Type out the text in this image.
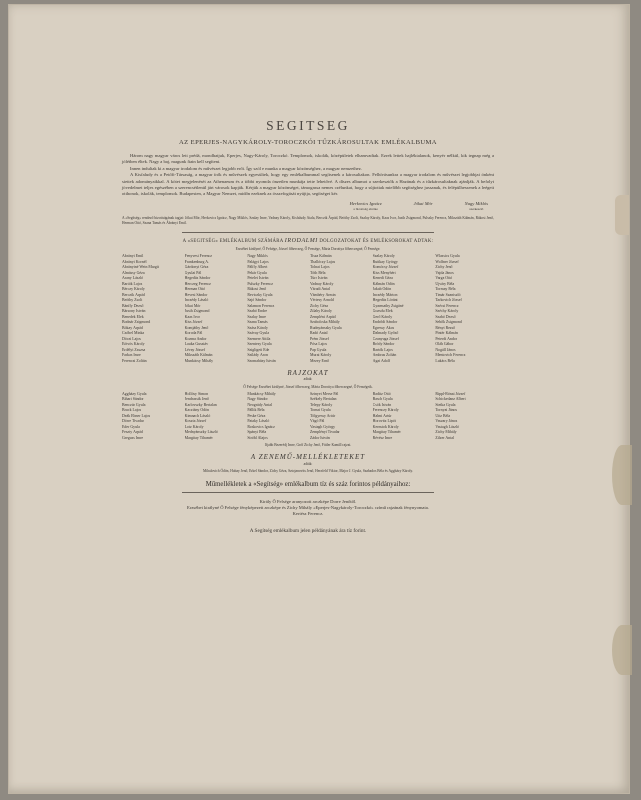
SEGITSEG
AZ EPERJES-NAGYKÁROLY-TOROCZKÓI TŰZKÁROSULTAK EMLÉKALBUMA

Három nagy magyar város lett prédá, mondhatjuk, Eperjes, Nagy-Károly, Toroczkó. Templomok, iskolák, középületek elhamvadtak. Ezrek lettek hajléktalanok, kenyér nélkül, kik tegnap még a jólétben éltek. Nagy a baj, magunk fiain kell segíteni.

Innen indultak ki a magyar irodalom és művészet legjobb erői. Így szól e munka a magyar közönséghez, a magyar nemzethez.

A Kisfaludy és a Petőfi-Társaság, a magyar írók és művészek egyesültek, hogy egy emlékalbummal segítsenek a károsultakon. Felhívásunkra a magyar irodalom és művészet legjobbjai önként siettek adományaikkal. A kötet megjelenését az Athenaeum és a többi nyomda önzetlen munkája tette lehetővé. A díszes albumot a szerkesztők a Hazának és a tűzkárosultaknak ajánlják. A befolyt jövedelmet teljes egészében a szerencsétlenül járt városok kapják. Kérjük a magyar közönséget, támogassa nemes czélunkat, hogy a sújtottak mielőbb segítséghez jussanak, és felépülhessenek a leégett otthonok, iskolák, templomok. Budapesten, a Magyar Nemzet, midőn ezeknek az összefogását nyújtja, segítséget kér.

Herkovics Ignácz
a bizottság elnöke
Jókai Mór	Nagy Miklós
szerkesztő
A «Segítség» rendező bizottságának tagjai: Jókai Mór, Herkovics Ignácz, Nagy Miklós, Szalay Imre, Vadnay Károly, Kisfaludy Atala, Berczik Árpád, Beöthy Zsolt, Szalay Károly, Kaas Ivor, Justh Zsigmond, Pulszky Ferencz, Mikszáth Kálmán, Rákosi Jenő, Herman Ottó, Szana Tamás és Ábrányi Emil.
A «SEGITSÉG» EMLÉKALBUM SZÁMÁRA IRODALMI DOLGOZATOKAT ÉS EMLÉKSOROKAT ADTAK:
Erzsébet királyné, Ő Felsége, József főherczeg, Ő Fensége, Mária Dorottya főherczegné, Ő Fensége.
Ábrányi Emil
Ábrányi Kornél
Ábrányiné Wein Margit
Almássy Géza
Arany László
Bartók Lajos
Bérczy Károly
Berczik Árpád
Beöthy Zsolt
Bánffy Dezső
Bársony István
Benedek Elek
Bodnár Zsigmond
Bókay Árpád
Czóbel Minka
Dóczi Lajos
Eötvös Károly
Erdélyi Zsuzsa
Farkas Imre
Ferenczi Zoltán
Fenyvesi Ferencz
Frankenburg A.
Gárdonyi Géza
Gyulai Pál
Hegedüs Sándor
Herczeg Ferencz
Herman Ottó
Hevesi Sándor
Inczédy László
Jókai Mór
Justh Zsigmond
Kaas Ivor
Kiss József
Komjáthy Jenő
Koroda Pál
Kozma Andor
Lauka Gusztáv
Lévay József
Mikszáth Kálmán
Munkácsy Mihály
Nagy Miklós
Palágyi Lajos
Pálffy Albert
Pekár Gyula
Petelei István
Pulszky Ferencz
Rákosi Jenő
Reviczky Gyula
Sajó Sándor
Salamon Ferencz
Szabó Endre
Szalay Imre
Szana Tamás
Szász Károly
Szávay Gyula
Szemere Attila
Szentesy Gyula
Szigligeti Ede
Szilády Áron
Szomaházy István
Tisza Kálmán
Thallóczy Lajos
Tolnai Lajos
Tóth Béla
Türr István
Vadnay Károly
Váradi Antal
Vámbéry Ármin
Vértesy Arnold
Zichy Géza
Zilahy Károly
Zempléni Árpád
Szabolcska Mihály
Rudnyánszky Gyula
Radó Antal
Prém József
Pósa Lajos
Pap Gyula
Murai Károly
Mezey Ernő
Szalay Károly
Ruttkay György
Komócsy József
Kiss Menyhért
Kenedi Géza
Kálmán Ödön
Jakab Ödön
Inczédy Márton
Hegedüs Lóránt
Gyarmathy Zsigáné
Gozsdu Elek
Gerő Károly
Endrődi Sándor
Egressy Ákos
Dalmady Győző
Czanyuga József
Bródy Sándor
Bartók Lajos
Ambrus Zoltán
Ágai Adolf
Wlassics Gyula
Wolfner József
Zichy Jenő
Vajda János
Varga Ottó
Újváry Béla
Tormay Béla
Timár Szaniszló
Tarkovich József
Szécsi Ferencz
Széchy Károly
Szabó Dezső
Sebők Zsigmond
Rényi Rezső
Pintér Kálmán
Peterdi Andor
Oláh Gábor
Nogáll János
Mentovich Ferencz
Lukács Béla
RAJZOKAT
adtak:
Ő Felsége Erzsébet királyné, József főherczeg, Mária Dorottya főherczegné, Ő Fenségeik.
Aggházy Gyula
Bihari Sándor
Benczúr Gyula
Bruck Lajos
Deák Ébner Lajos
Dörre Tivadar
Éder Gyula
Feszty Árpád
Greguss Imre
Hollósy Simon
Jendrassik Jenő
Karlovszky Bertalan
Kacziány Ödön
Kimnach László
Koszta József
Lotz Károly
Mednyánszky László
Margitay Tihamér
Munkácsy Mihály
Nagy Sándor
Neogrády Antal
Pállik Béla
Peske Géza
Pataky László
Roskovics Ignácz
Spányi Béla
Stróbl Alajos
Szinyei Merse Pál
Székely Bertalan
Telepy Károly
Tornai Gyula
Tölgyessy Artúr
Vágó Pál
Vastagh György
Zemplényi Tivadar
Zádor István
Baditz Ottó
Basch Gyula
Csók István
Ferenczy Károly
Halmi Artúr
Horovitz Lipót
Kernstok Károly
Margitay Tihamér
Révész Imre
Rippl-Rónai József
Schickedanz Albert
Stetka Gyula
Tornyai János
Uitz Béla
Vaszary János
Vastagh László
Zichy Mihály
Zilzer Antal
Ifjabb Bezerédj Imre, Gróf Zichy Jenő, Fittler Kamill rajzai.
A ZENEMŰ-MELLÉKLETEKET
adták:
Mihalovich Ödön, Hubay Jenő, Erkel Sándor, Zichy Géza, Sztojanovits Jenő, Herzfeld Viktor, Major J. Gyula, Szabados Béla és Aggházy Károly.
Műmellékletek a «Segítség» emlékalbum tíz és száz forintos példányaihoz:
Király Ő Felsége aranyozott arczképe Dorre Jenőtől.
Erzsébet királyné Ő Felsége fényképezett arczképe és Zichy Mihály «Eperjes-Nagykároly-Toroczkó» czímű rajzának fénynyomata.
Kertész Ferencz.
A Segítség emlékalbum jelen példányának ára tíz forint.
